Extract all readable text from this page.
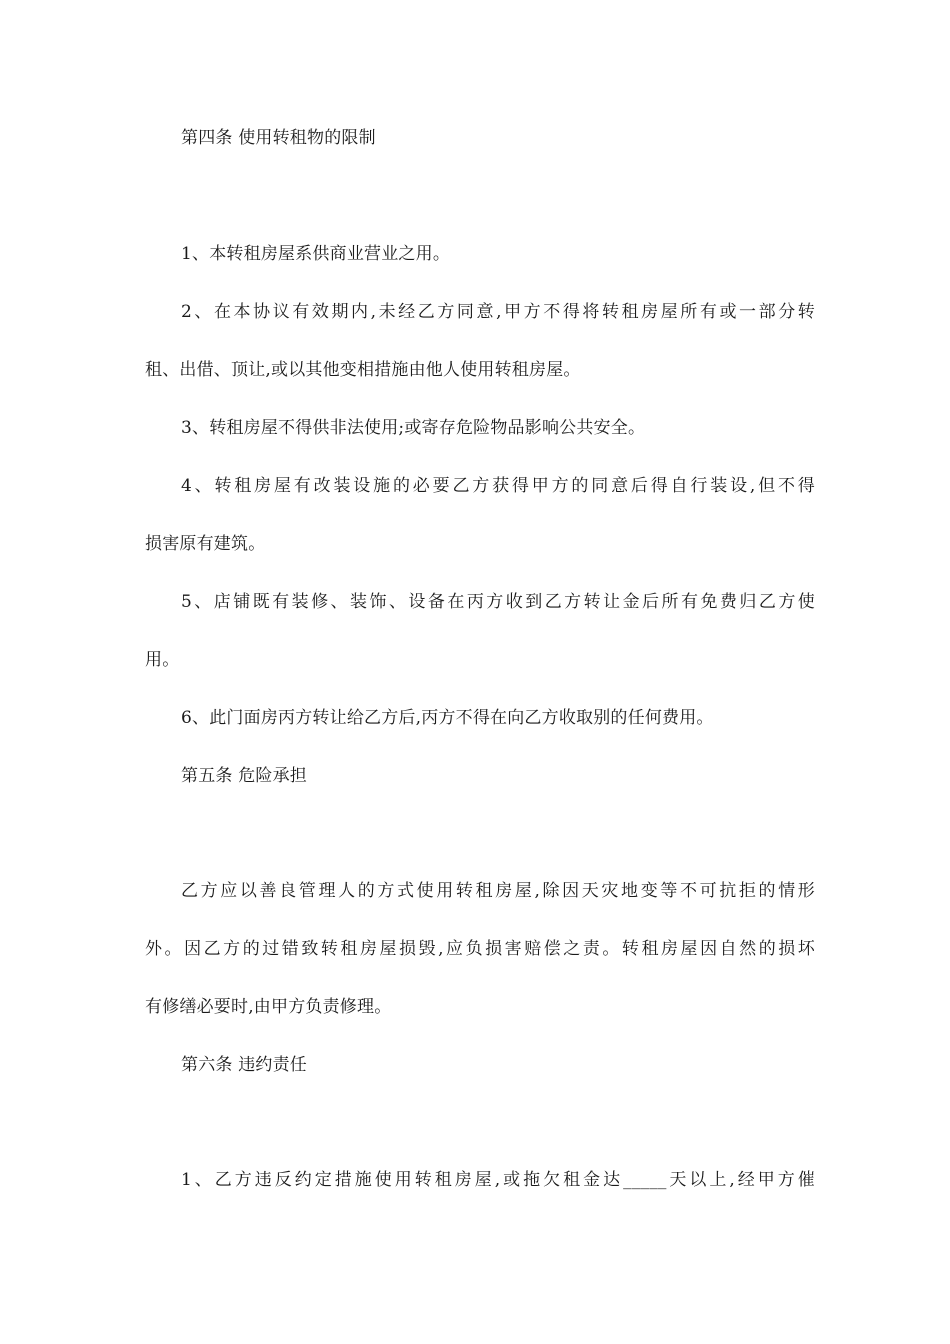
第四条 使用转租物的限制
1、本转租房屋系供商业营业之用。
2、在本协议有效期内,未经乙方同意,甲方不得将转租房屋所有或一部分转
租、出借、顶让,或以其他变相措施由他人使用转租房屋。
3、转租房屋不得供非法使用;或寄存危险物品影响公共安全。
4、转租房屋有改装设施的必要乙方获得甲方的同意后得自行装设,但不得
损害原有建筑。
5、店铺既有装修、装饰、设备在丙方收到乙方转让金后所有免费归乙方使
用。
6、此门面房丙方转让给乙方后,丙方不得在向乙方收取别的任何费用。
第五条 危险承担
乙方应以善良管理人的方式使用转租房屋,除因天灾地变等不可抗拒的情形
外。因乙方的过错致转租房屋损毁,应负损害赔偿之责。转租房屋因自然的损坏
有修缮必要时,由甲方负责修理。
第六条 违约责任
1、乙方违反约定措施使用转租房屋,或拖欠租金达_____天以上,经甲方催
